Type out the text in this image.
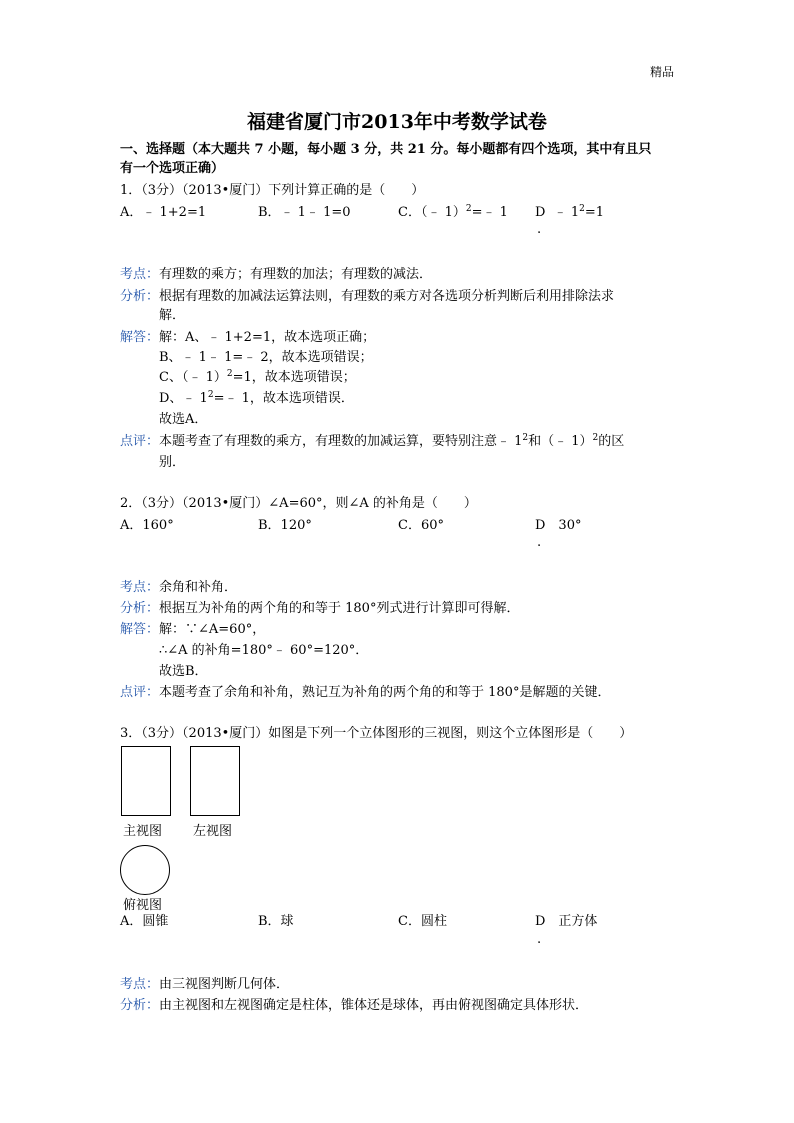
精品
福建省厦门市2013年中考数学试卷
一、选择题（本大题共 7 小题，每小题 3 分，共 21 分。每小题都有四个选项，其中有且只
有一个选项正确）
1．（3分）（2013•厦门）下列计算正确的是（　　）
A．﹣ 1+2=1	B．﹣ 1﹣ 1=0	C．（﹣ 1）$^2$=﹣ 1 D ﹣ $1^2=1$
.
考点： 有理数的乘方；有理数的加法；有理数的减法．
分析： 根据有理数的加减法运算法则，有理数的乘方对各选项分析判断后利用排除法求
解．
解答： 解：A、﹣ 1+2=1，故本选项正确；
B、﹣ 1﹣ 1=﹣ 2，故本选项错误；
C、（﹣ 1）$^2$=1，故本选项错误；
D、﹣ $1^2=﹣$ 1，故本选项错误．
故选A．
点评： 本题考查了有理数的乘方，有理数的加减运算，要特别注意﹣ $1^2$和（﹣ 1）$^2$的区
别．
2．（3分）（2013•厦门）∠A=60°，则∠A 的补角是（　　）
A．160°	B．120°	C．60°	D　30°
.
考点： 余角和补角．
分析： 根据互为补角的两个角的和等于 180°列式进行计算即可得解．
解答： 解：∵∠A=60°，
∴∠A 的补角=180°﹣ 60°=120°．
故选B．
点评： 本题考查了余角和补角，熟记互为补角的两个角的和等于 180°是解题的关键．
3．（3分）（2013•厦门）如图是下列一个立体图形的三视图，则这个立体图形是（　　）
主视图 左视图
俯视图
A．圆锥	B．球	C．圆柱	D　正方体
.
考点： 由三视图判断几何体．
分析： 由主视图和左视图确定是柱体，锥体还是球体，再由俯视图确定具体形状．
